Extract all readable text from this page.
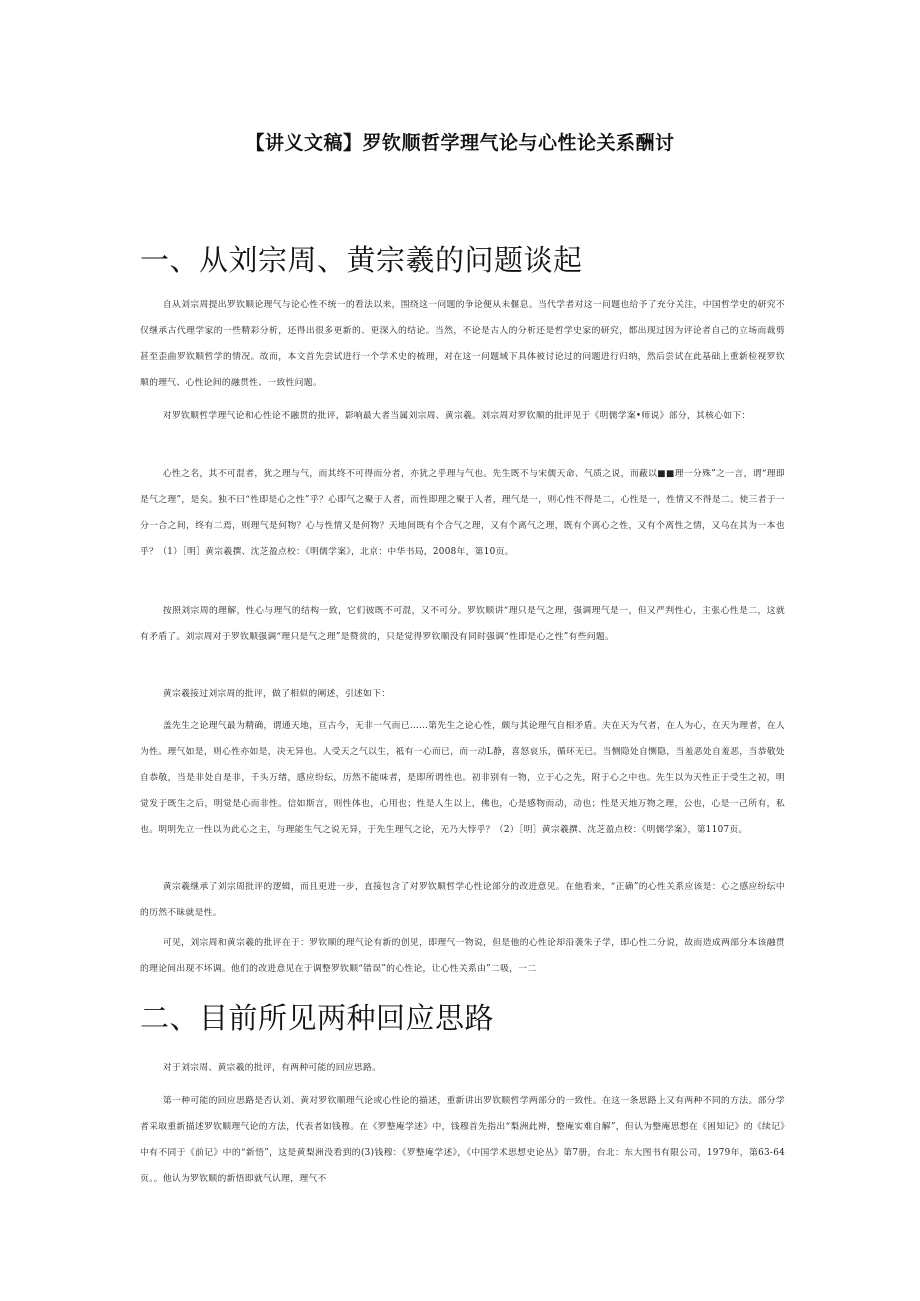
【讲义文稿】罗钦顺哲学理气论与心性论关系酬讨
一、从刘宗周、黄宗羲的问题谈起

自从刘宗周提出罗钦顺论理气与论心性不统一的看法以来，围绕这一问题的争论便从未偃息。当代学者对这一问题也给予了充分关注，中国哲学史的研究不仅继承古代理学家的一些精彩分析，还得出很多更新的、更深入的结论。当然，不论是古人的分析还是哲学史家的研究，都出现过因为评论者自己的立场而裁剪甚至歪曲罗钦顺哲学的情况。故而，本文首先尝试进行一个学术史的梳理，对在这一问题域下具体被讨论过的问题进行归纳，然后尝试在此基础上重新检视罗钦顺的理气、心性论间的融贯性、一致性问题。

对罗钦顺哲学理气论和心性论不融贯的批评，影响最大者当属刘宗周、黄宗羲。刘宗周对罗钦顺的批评见于《明儒学案•师说》部分，其核心如下：

心性之名，其不可混者，犹之理与气，而其终不可得而分者，亦犹之乎理与气也。先生既不与宋儒天命、气质之说，而蔽以■■理一分殊”之一言，谓“理即是气之理”，是矣。独不曰“性即是心之性”乎？心即气之聚于人者，而性即理之聚于人者，理气是一，则心性不得是二，心性是一，性情又不得是二。使三者于一分一合之间，终有二焉，则理气是何物？心与性情又是何物？天地间既有个合气之理，又有个离气之理，既有个离心之性，又有个离性之情，又乌在其为一本也乎？（1）［明］黄宗羲撰、沈芝盈点校：《明儒学案》，北京：中华书局，2008年，第10页。

按照刘宗周的理解，性心与理气的结构一致，它们彼既不可混，又不可分。罗钦顺讲“理只是气之理，强调理气是一，但又严判性心，主张心性是二，这就有矛盾了。刘宗周对于罗钦顺强调“理只是气之理”是赞赏的，只是觉得罗钦顺没有同时强调“性即是心之性”有些问题。

黄宗羲接过刘宗周的批评，做了相似的阐述，引述如下：

盖先生之论理气最为精确，谓通天地，亘古今，无非一气而已……第先生之论心性，颇与其论理气自相矛盾。夫在天为气者，在人为心，在天为理者，在人为性。理气如是，则心性亦如是，决无异也。人受天之气以生，祗有一心而已，而一动L静，喜怒哀乐，循环无已。当恻隐处自恻隐，当羞恶处自羞恶，当恭敬处自恭敬，当是非处自是非，千头万绪，感应纷纭，历然不能味者，是即所谓性也。初非别有一物，立于心之先，附于心之中也。先生以为天性正于受生之初，明觉发于既生之后，明觉是心而非性。信如斯言，则性体也，心用也；性是人生以上，佛也，心是感物而动，动也；性是天地万物之理，公也，心是一己所有，私也。明明先立一性以为此心之主，与理能生气之说无异，于先生理气之论，无乃大悖乎？（2）［明］黄宗羲撰、沈芝盈点校：《明儒学案》，第1107页。

黄宗羲继承了刘宗周批评的逻辑，而且更进一步，直接包含了对罗钦顺哲学心性论部分的改进意见。在他看来，“正确”的心性关系应该是：心之感应纷纭中的历然不昧就是性。

可见，刘宗周和黄宗羲的批评在于：罗钦顺的理气论有新的创见，即理气一物说，但是他的心性论却沿袭朱子学，即心性二分说，故而造成两部分本该融贯的理论间出现不坏调。他们的改进意见在于调整罗钦顺“错误”的心性论，让心性关系由”二吸，一二

二、目前所见两种回应思路

对于刘宗周、黄宗羲的批评，有两种可能的回应思路。

第一种可能的回应思路是否认刘、黄对罗钦顺理气论或心性论的描述，重新讲出罗钦顺哲学两部分的一致性。在这一条思路上又有两种不同的方法。部分学者采取重新描述罗钦顺理气论的方法，代表者如钱穆。在《罗整庵学述》中，钱穆首先指出“梨洲此辨，整庵实难自解”，但认为整庵思想在《困知记》的《续记》中有不同于《前记》中的“新悟”，这是黄梨洲没看到的(3)钱穆：《罗整庵学述》，《中国学术思想史论丛》第7册，台北：东大图书有限公司，1979年，第63-64页。。他认为罗钦顺的新悟即就气认理，理气不
